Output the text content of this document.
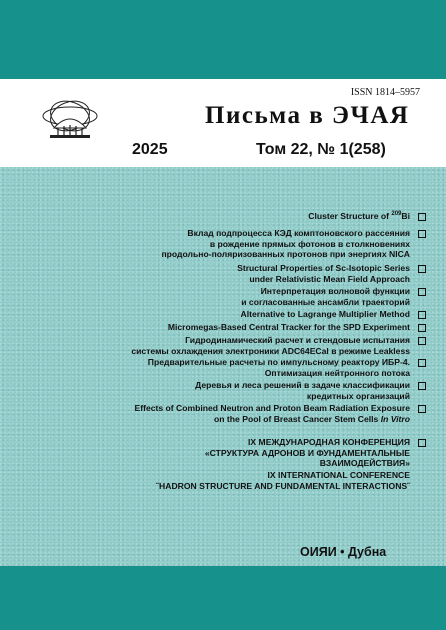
ISSN 1814–5957
Письма в ЭЧАЯ
2025	Том 22, № 1(258)
Cluster Structure of $^{209}$Bi
Вклад подпроцесса КЭД комптоновского рассеяния
в рождение прямых фотонов в столкновениях
продольно-поляризованных протонов при энергиях NICA
Structural Properties of Sc-Isotopic Series
under Relativistic Mean Field Approach
Интерпретация волновой функции
и согласованные ансамбли траекторий
Alternative to Lagrange Multiplier Method
Micromegas-Based Central Tracker for the SPD Experiment
Гидродинамический расчет и стендовые испытания
системы охлаждения электроники ADC64ECal в режиме Leakless
Предварительные расчеты по импульсному реактору ИБР-4.
Оптимизация нейтронного потока
Деревья и леса решений в задаче классификации
кредитных организаций
Effects of Combined Neutron and Proton Beam Radiation Exposure
on the Pool of Breast Cancer Stem Cells In Vitro
IX МЕЖДУНАРОДНАЯ КОНФЕРЕНЦИЯ
«СТРУКТУРА АДРОНОВ И ФУНДАМЕНТАЛЬНЫЕ
ВЗАИМОДЕЙСТВИЯ»
IX INTERNATIONAL CONFERENCE
˝HADRON STRUCTURE AND FUNDAMENTAL INTERACTIONS˝
ОИЯИ • Дубна
